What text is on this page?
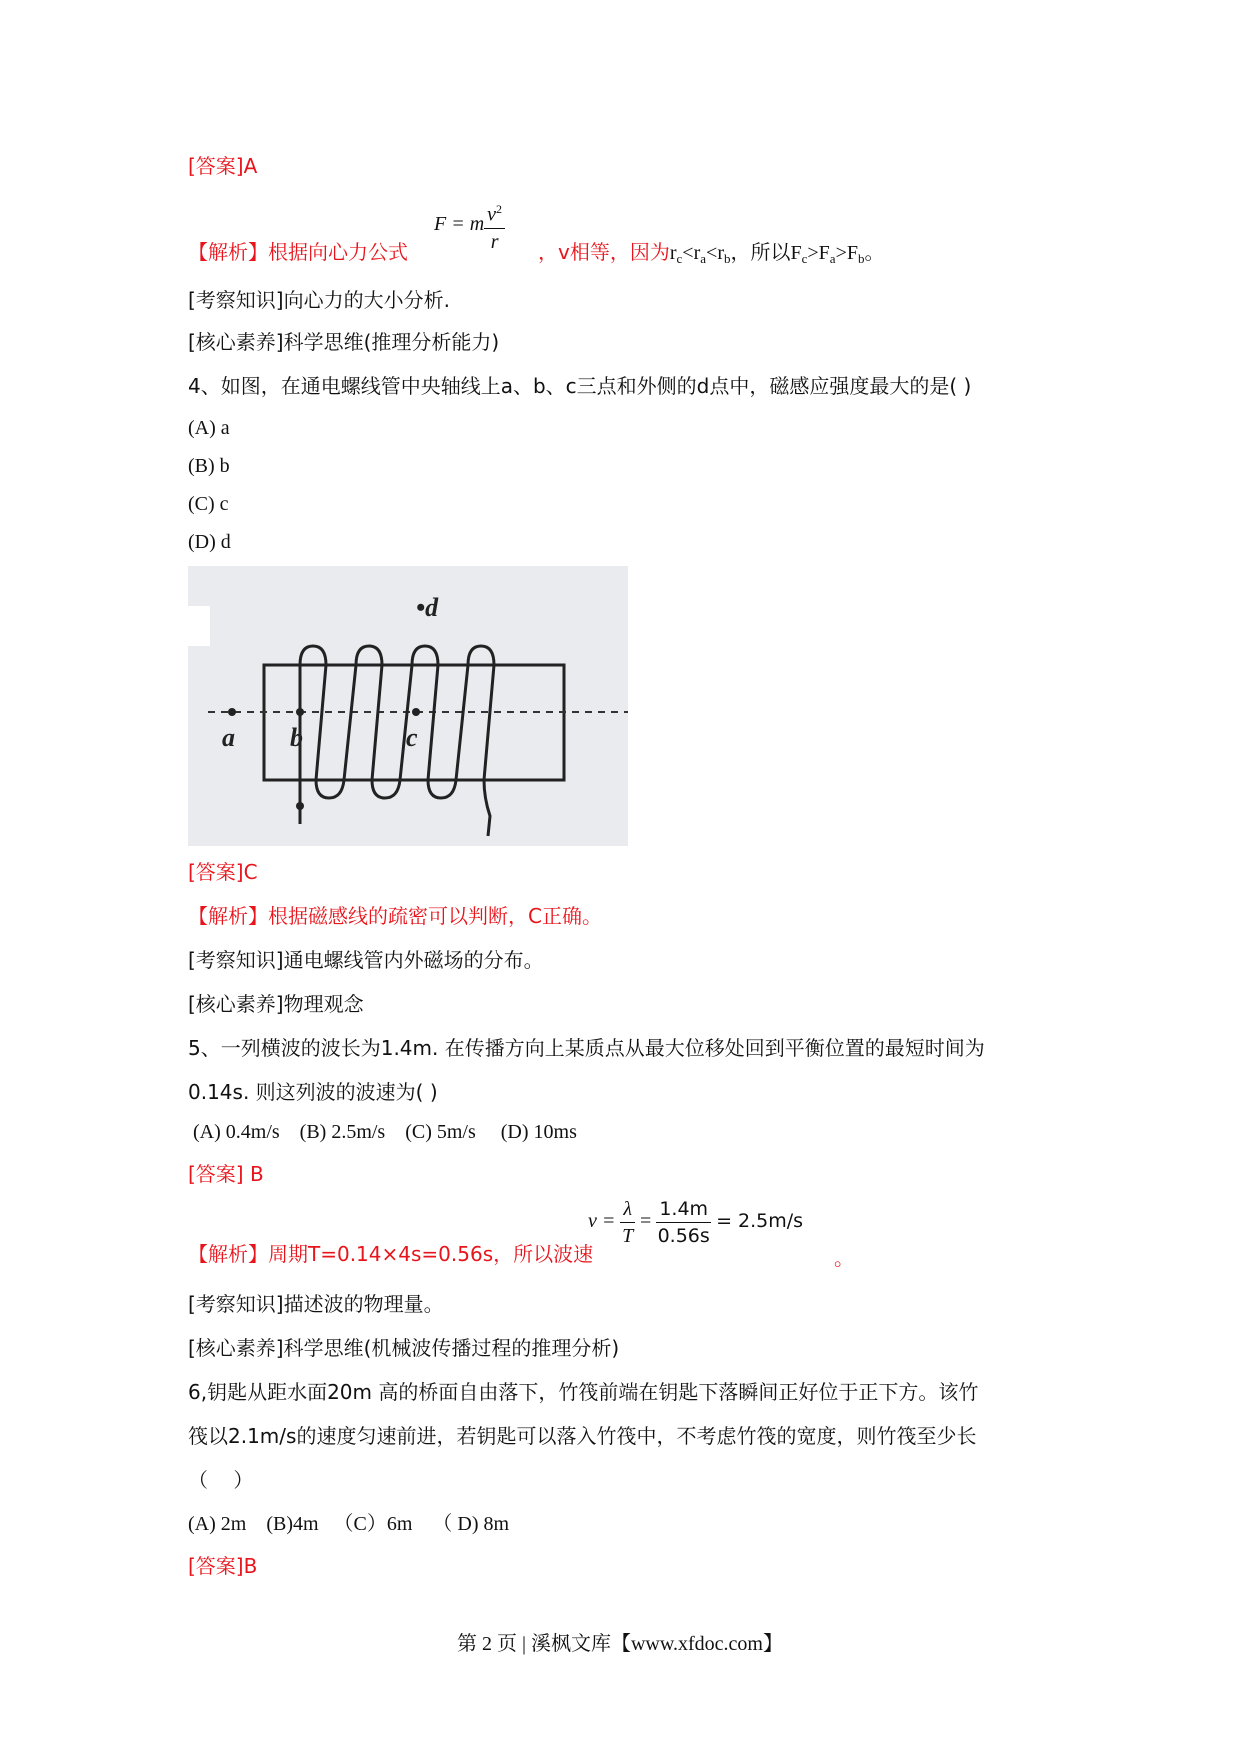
[答案]A
【解析】根据向心力公式
F = m $\frac{v^2}{r}$ ，v相等，因为$r_c<r_a<r_b$，所以$F_c>F_a>F_b$。
[考察知识]向心力的大小分析.
[核心素养]科学思维(推理分析能力)
4、如图，在通电螺线管中央轴线上a、b、c三点和外侧的d点中，磁感应强度最大的是( )
(A) a
(B) b
(C) c
(D) d
a b	c
•d
[答案]C
【解析】根据磁感线的疏密可以判断，C正确。
[考察知识]通电螺线管内外磁场的分布。
[核心素养]物理观念
5、一列横波的波长为1.4m. 在传播方向上某质点从最大位移处回到平衡位置的最短时间为
0.14s. 则这列波的波速为( )
(A) 0.4m/s    (B) 2.5m/s    (C) 5m/s     (D) 10ms
[答案] B
【解析】周期T=0.14×4s=0.56s，所以波速
$v = \frac{\lambda}{T} = \frac{1.4m}{0.56s} = 2.5m/s$
。
[考察知识]描述波的物理量。
[核心素养]科学思维(机械波传播过程的推理分析)
6,钥匙从距水面20m 高的桥面自由落下，竹筏前端在钥匙下落瞬间正好位于正下方。该竹
筏以2.1m/s的速度匀速前进，若钥匙可以落入竹筏中，不考虑竹筏的宽度，则竹筏至少长
（    ）
(A) 2m    (B)4m   （C）6m    （ D) 8m
[答案]B
第 2 页 | 溪枫文库【www.xfdoc.com】
